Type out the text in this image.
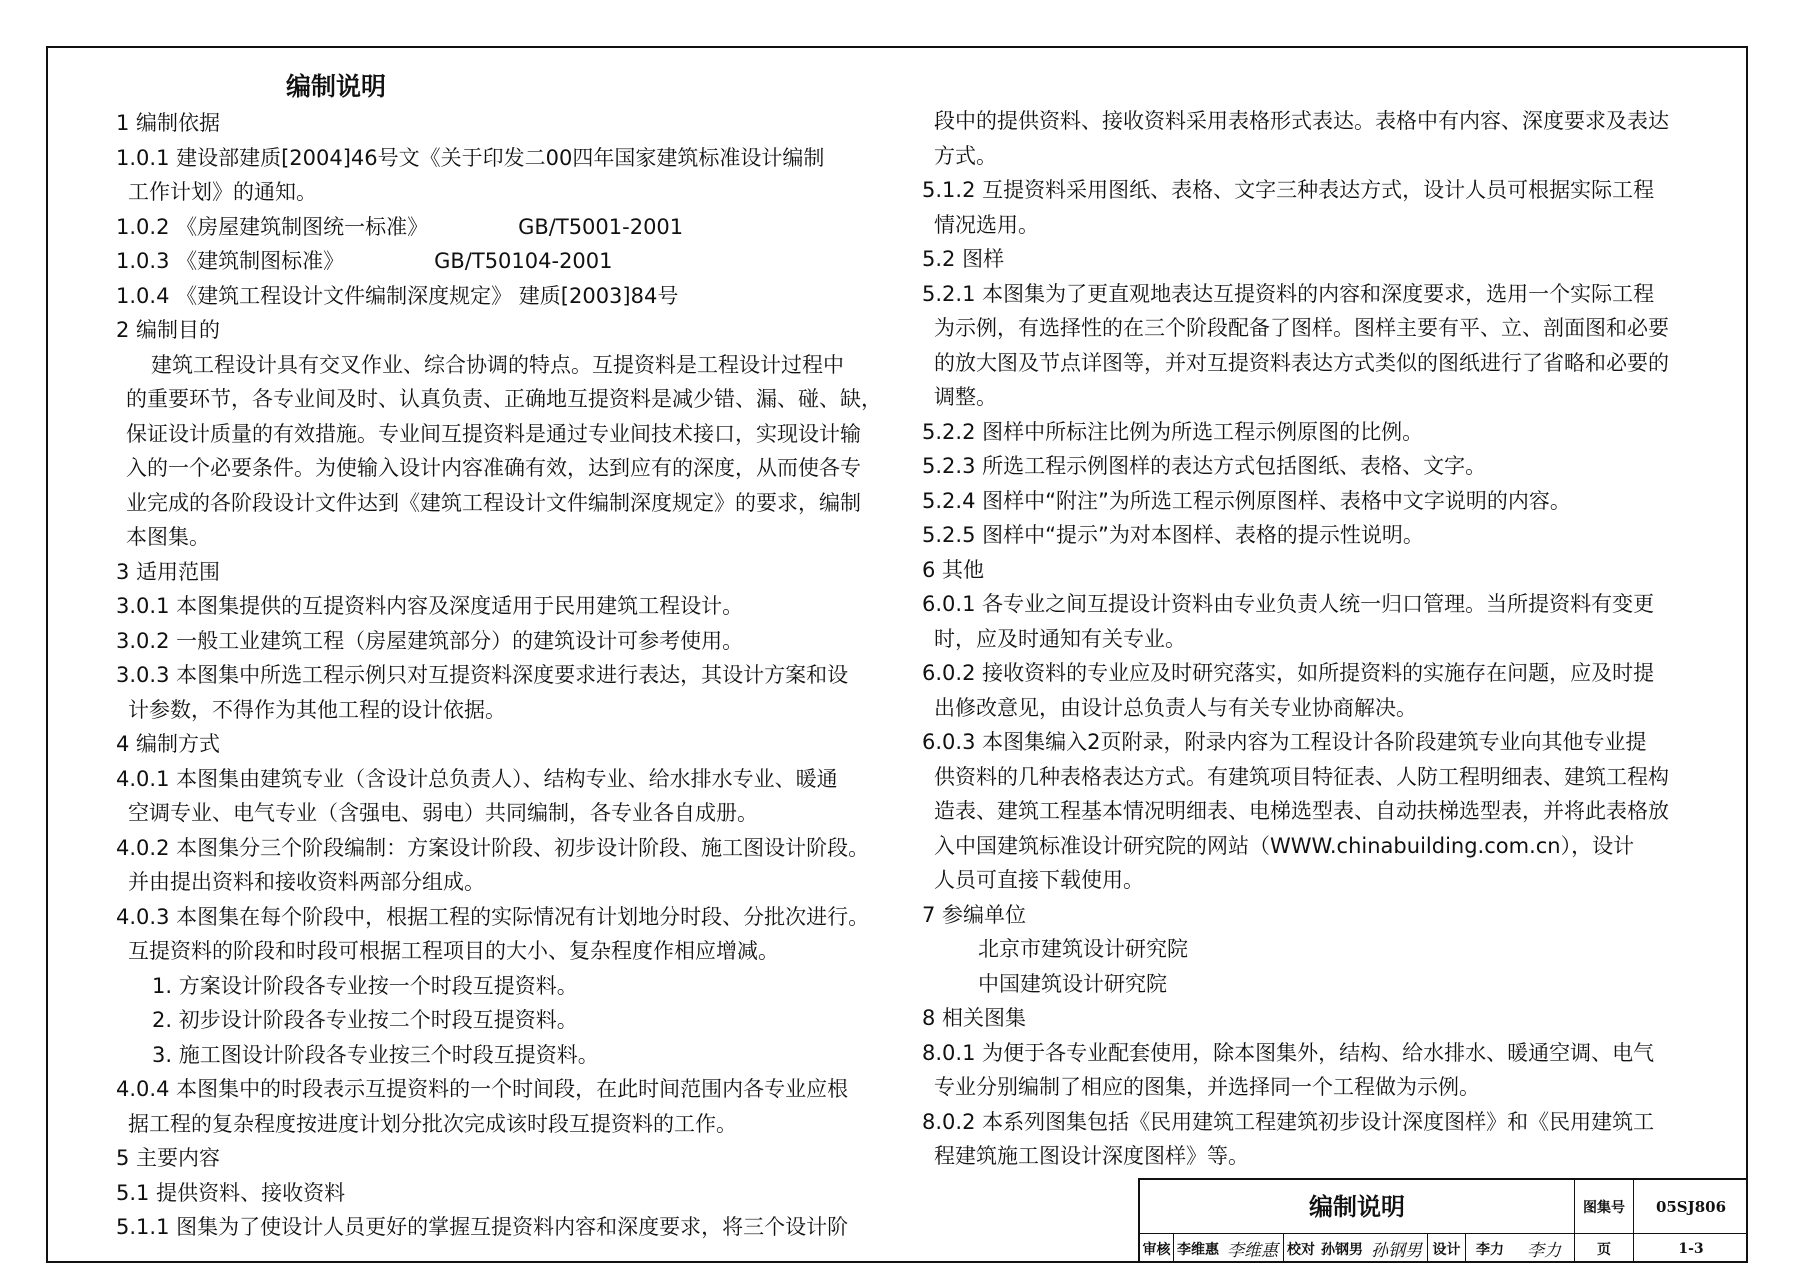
编制说明
1 编制依据
1.0.1 建设部建质[2004]46号文《关于印发二00四年国家建筑标准设计编制
工作计划》的通知。
1.0.2 《房屋建筑制图统一标准》	GB/T5001-2001
1.0.3 《建筑制图标准》	GB/T50104-2001
1.0.4 《建筑工程设计文件编制深度规定》 建质[2003]84号
2 编制目的
建筑工程设计具有交叉作业、综合协调的特点。互提资料是工程设计过程中
的重要环节，各专业间及时、认真负责、正确地互提资料是减少错、漏、碰、缺，
保证设计质量的有效措施。专业间互提资料是通过专业间技术接口，实现设计输
入的一个必要条件。为使输入设计内容准确有效，达到应有的深度，从而使各专
业完成的各阶段设计文件达到《建筑工程设计文件编制深度规定》的要求，编制
本图集。
3 适用范围
3.0.1 本图集提供的互提资料内容及深度适用于民用建筑工程设计。
3.0.2 一般工业建筑工程（房屋建筑部分）的建筑设计可参考使用。
3.0.3 本图集中所选工程示例只对互提资料深度要求进行表达，其设计方案和设
计参数，不得作为其他工程的设计依据。
4 编制方式
4.0.1 本图集由建筑专业（含设计总负责人）、结构专业、给水排水专业、暖通
空调专业、电气专业（含强电、弱电）共同编制，各专业各自成册。
4.0.2 本图集分三个阶段编制：方案设计阶段、初步设计阶段、施工图设计阶段。
并由提出资料和接收资料两部分组成。
4.0.3 本图集在每个阶段中，根据工程的实际情况有计划地分时段、分批次进行。
互提资料的阶段和时段可根据工程项目的大小、复杂程度作相应增减。
1. 方案设计阶段各专业按一个时段互提资料。
2. 初步设计阶段各专业按二个时段互提资料。
3. 施工图设计阶段各专业按三个时段互提资料。
4.0.4 本图集中的时段表示互提资料的一个时间段，在此时间范围内各专业应根
据工程的复杂程度按进度计划分批次完成该时段互提资料的工作。
5 主要内容
5.1 提供资料、接收资料
5.1.1 图集为了使设计人员更好的掌握互提资料内容和深度要求，将三个设计阶
段中的提供资料、接收资料采用表格形式表达。表格中有内容、深度要求及表达
方式。
5.1.2 互提资料采用图纸、表格、文字三种表达方式，设计人员可根据实际工程
情况选用。
5.2 图样
5.2.1 本图集为了更直观地表达互提资料的内容和深度要求，选用一个实际工程
为示例，有选择性的在三个阶段配备了图样。图样主要有平、立、剖面图和必要
的放大图及节点详图等，并对互提资料表达方式类似的图纸进行了省略和必要的
调整。
5.2.2 图样中所标注比例为所选工程示例原图的比例。
5.2.3 所选工程示例图样的表达方式包括图纸、表格、文字。
5.2.4 图样中“附注”为所选工程示例原图样、表格中文字说明的内容。
5.2.5 图样中“提示”为对本图样、表格的提示性说明。
6 其他
6.0.1 各专业之间互提设计资料由专业负责人统一归口管理。当所提资料有变更
时，应及时通知有关专业。
6.0.2 接收资料的专业应及时研究落实，如所提资料的实施存在问题，应及时提
出修改意见，由设计总负责人与有关专业协商解决。
6.0.3 本图集编入2页附录，附录内容为工程设计各阶段建筑专业向其他专业提
供资料的几种表格表达方式。有建筑项目特征表、人防工程明细表、建筑工程构
造表、建筑工程基本情况明细表、电梯选型表、自动扶梯选型表，并将此表格放
入中国建筑标准设计研究院的网站（WWW.chinabuilding.com.cn），设计
人员可直接下载使用。
7 参编单位
北京市建筑设计研究院
中国建筑设计研究院
8 相关图集
8.0.1 为便于各专业配套使用，除本图集外，结构、给水排水、暖通空调、电气
专业分别编制了相应的图集，并选择同一个工程做为示例。
8.0.2 本系列图集包括《民用建筑工程建筑初步设计深度图样》和《民用建筑工
程建筑施工图设计深度图样》等。
编制说明	图集号	05SJ806
审核 李维惠 李维惠 校对 孙钢男 孙钢男 设计	李力	李力	页	1-3
